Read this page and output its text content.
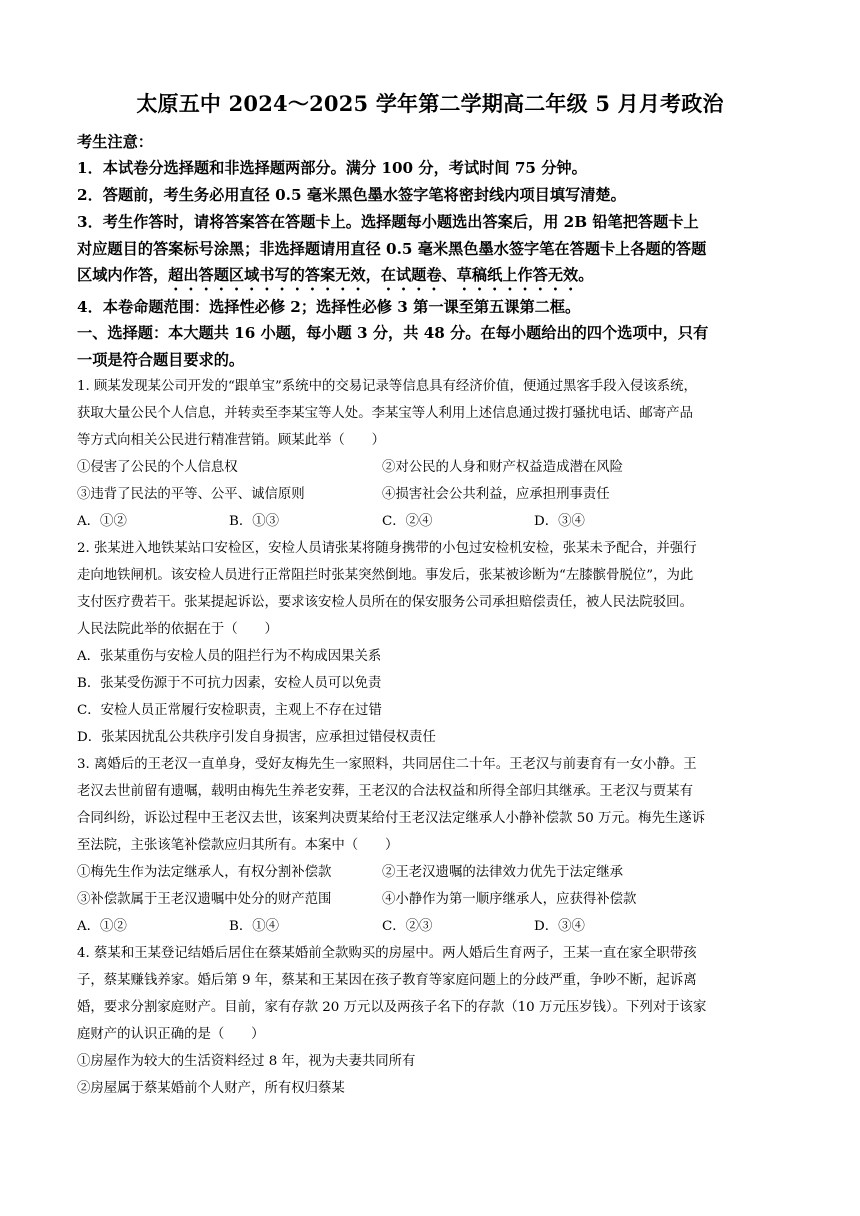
太原五中 2024～2025 学年第二学期高二年级 5 月月考政治
考生注意：
1．本试卷分选择题和非选择题两部分。满分 100 分，考试时间 75 分钟。
2．答题前，考生务必用直径 0.5 毫米黑色墨水签字笔将密封线内项目填写清楚。
3．考生作答时，请将答案答在答题卡上。选择题每小题选出答案后，用 2B 铅笔把答题卡上
对应题目的答案标号涂黑；非选择题请用直径 0.5 毫米黑色墨水签字笔在答题卡上各题的答题
区域内作答，超出答题区域书写的答案无效，在试题卷、草稿纸上作答无效。
4．本卷命题范围：选择性必修 2；选择性必修 3 第一课至第五课第二框。
一、选择题：本大题共 16 小题，每小题 3 分，共 48 分。在每小题给出的四个选项中，只有
一项是符合题目要求的。
1. 顾某发现某公司开发的“跟单宝”系统中的交易记录等信息具有经济价值，便通过黑客手段入侵该系统，
获取大量公民个人信息，并转卖至李某宝等人处。李某宝等人利用上述信息通过拨打骚扰电话、邮寄产品
等方式向相关公民进行精准营销。顾某此举（　　）
①侵害了公民的个人信息权	②对公民的人身和财产权益造成潜在风险
③违背了民法的平等、公平、诚信原则	④损害社会公共利益，应承担刑事责任
A．①②	B．①③	C．②④	D．③④
2. 张某进入地铁某站口安检区，安检人员请张某将随身携带的小包过安检机安检，张某未予配合，并强行
走向地铁闸机。该安检人员进行正常阻拦时张某突然倒地。事发后，张某被诊断为“左膝髌骨脱位”，为此
支付医疗费若干。张某提起诉讼，要求该安检人员所在的保安服务公司承担赔偿责任，被人民法院驳回。
人民法院此举的依据在于（　　）
A．张某重伤与安检人员的阻拦行为不构成因果关系
B．张某受伤源于不可抗力因素，安检人员可以免责
C．安检人员正常履行安检职责，主观上不存在过错
D．张某因扰乱公共秩序引发自身损害，应承担过错侵权责任
3. 离婚后的王老汉一直单身，受好友梅先生一家照料，共同居住二十年。王老汉与前妻育有一女小静。王
老汉去世前留有遗嘱，载明由梅先生养老安葬，王老汉的合法权益和所得全部归其继承。王老汉与贾某有
合同纠纷，诉讼过程中王老汉去世，该案判决贾某给付王老汉法定继承人小静补偿款 50 万元。梅先生遂诉
至法院，主张该笔补偿款应归其所有。本案中（　　）
①梅先生作为法定继承人，有权分割补偿款	②王老汉遗嘱的法律效力优先于法定继承
③补偿款属于王老汉遗嘱中处分的财产范围	④小静作为第一顺序继承人，应获得补偿款
A．①②	B．①④	C．②③	D．③④
4. 蔡某和王某登记结婚后居住在蔡某婚前全款购买的房屋中。两人婚后生育两子，王某一直在家全职带孩
子，蔡某赚钱养家。婚后第 9 年，蔡某和王某因在孩子教育等家庭问题上的分歧严重，争吵不断，起诉离
婚，要求分割家庭财产。目前，家有存款 20 万元以及两孩子名下的存款（10 万元压岁钱）。下列对于该家
庭财产的认识正确的是（　　）
①房屋作为较大的生活资料经过 8 年，视为夫妻共同所有
②房屋属于蔡某婚前个人财产，所有权归蔡某
